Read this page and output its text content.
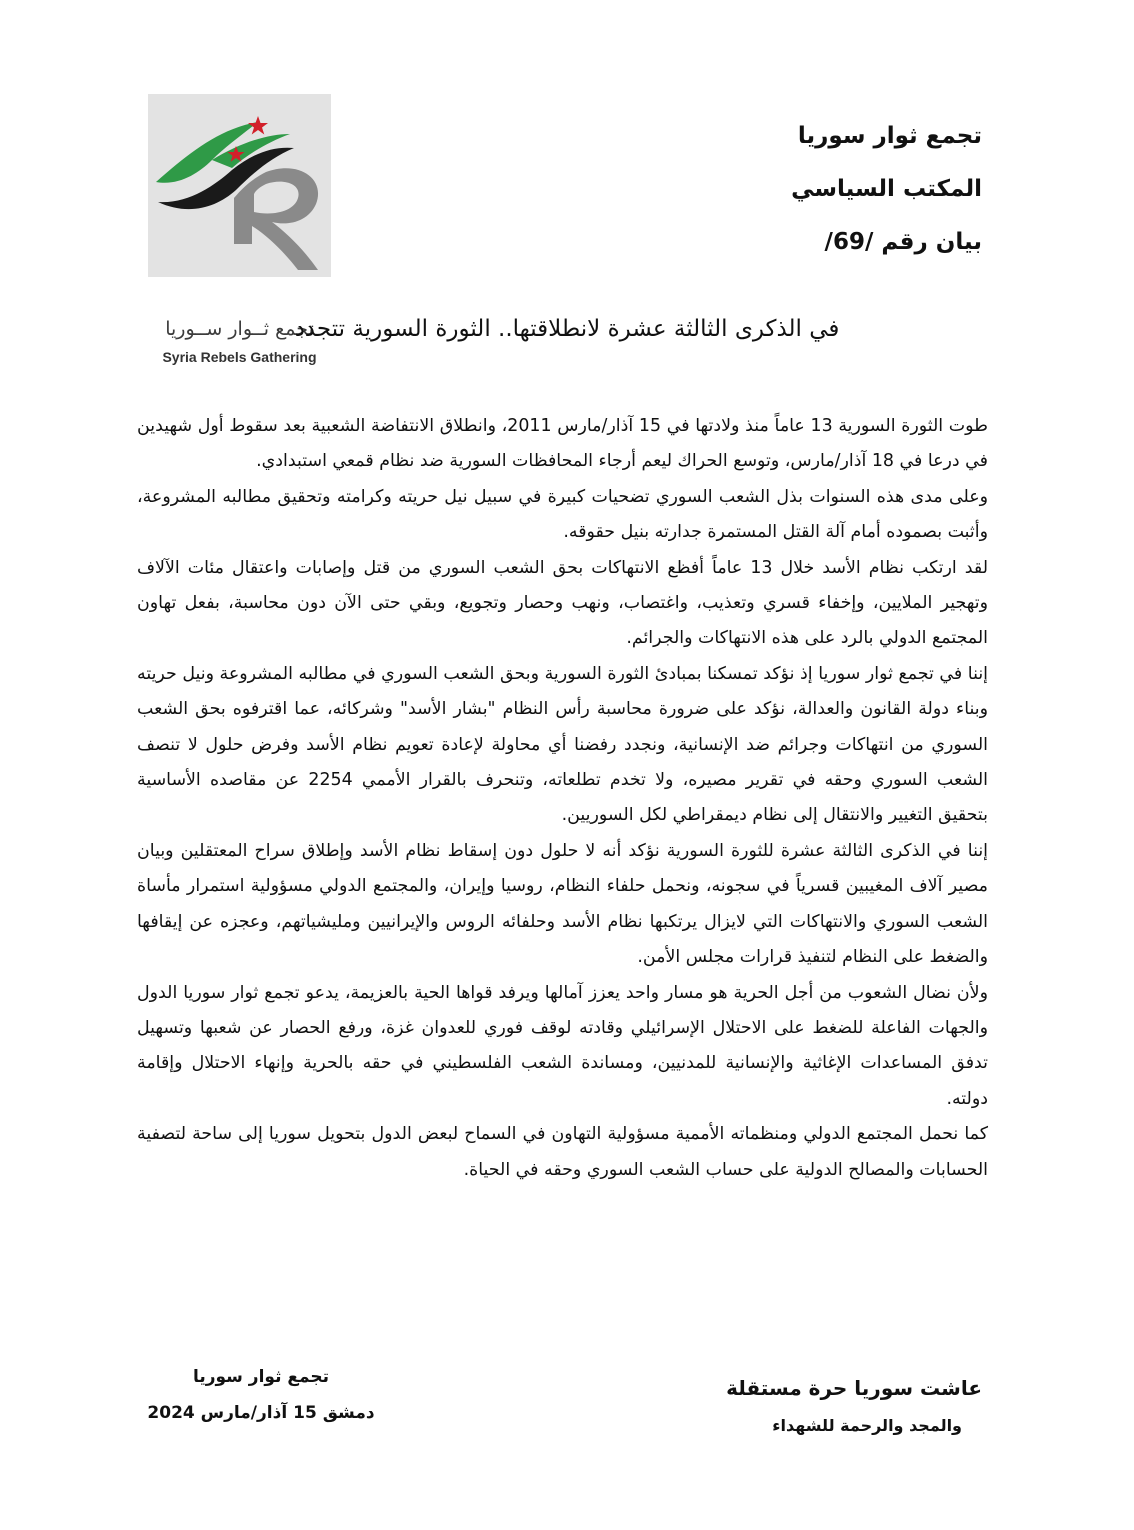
تجمع ثــوار ســوريا
Syria Rebels Gathering
تجمع ثوار سوريا
المكتب السياسي
بيان رقم /69/
في الذكرى الثالثة عشرة لانطلاقتها.. الثورة السورية تتجدد

طوت الثورة السورية 13 عاماً منذ ولادتها في 15 آذار/مارس 2011، وانطلاق الانتفاضة الشعبية بعد سقوط أول شهيدين في درعا في 18 آذار/مارس، وتوسع الحراك ليعم أرجاء المحافظات السورية ضد نظام قمعي استبدادي.

وعلى مدى هذه السنوات بذل الشعب السوري تضحيات كبيرة في سبيل نيل حريته وكرامته وتحقيق مطالبه المشروعة، وأثبت بصموده أمام آلة القتل المستمرة جدارته بنيل حقوقه.

لقد ارتكب نظام الأسد خلال 13 عاماً أفظع الانتهاكات بحق الشعب السوري من قتل وإصابات واعتقال مئات الآلاف وتهجير الملايين، وإخفاء قسري وتعذيب، واغتصاب، ونهب وحصار وتجويع، وبقي حتى الآن دون محاسبة، بفعل تهاون المجتمع الدولي بالرد على هذه الانتهاكات والجرائم.

إننا في تجمع ثوار سوريا إذ نؤكد تمسكنا بمبادئ الثورة السورية وبحق الشعب السوري في مطالبه المشروعة ونيل حريته وبناء دولة القانون والعدالة، نؤكد على ضرورة محاسبة رأس النظام "بشار الأسد" وشركائه، عما اقترفوه بحق الشعب السوري من انتهاكات وجرائم ضد الإنسانية، ونجدد رفضنا أي محاولة لإعادة تعويم نظام الأسد وفرض حلول لا تنصف الشعب السوري وحقه في تقرير مصيره، ولا تخدم تطلعاته، وتنحرف بالقرار الأممي 2254 عن مقاصده الأساسية بتحقيق التغيير والانتقال إلى نظام ديمقراطي لكل السوريين.

إننا في الذكرى الثالثة عشرة للثورة السورية نؤكد أنه لا حلول دون إسقاط نظام الأسد وإطلاق سراح المعتقلين وبيان مصير آلاف المغيبين قسرياً في سجونه، ونحمل حلفاء النظام، روسيا وإيران، والمجتمع الدولي مسؤولية استمرار مأساة الشعب السوري والانتهاكات التي لايزال يرتكبها نظام الأسد وحلفائه الروس والإيرانيين ومليشياتهم، وعجزه عن إيقافها والضغط على النظام لتنفيذ قرارات مجلس الأمن.

ولأن نضال الشعوب من أجل الحرية هو مسار واحد يعزز آمالها ويرفد قواها الحية بالعزيمة، يدعو تجمع ثوار سوريا الدول والجهات الفاعلة للضغط على الاحتلال الإسرائيلي وقادته لوقف فوري للعدوان غزة، ورفع الحصار عن شعبها وتسهيل تدفق المساعدات الإغاثية والإنسانية للمدنيين، ومساندة الشعب الفلسطيني في حقه بالحرية وإنهاء الاحتلال وإقامة دولته.

كما نحمل المجتمع الدولي ومنظماته الأممية مسؤولية التهاون في السماح لبعض الدول بتحويل سوريا إلى ساحة لتصفية الحسابات والمصالح الدولية على حساب الشعب السوري وحقه في الحياة.

عاشت سوريا حرة مستقلة
والمجد والرحمة للشهداء
تجمع ثوار سوريا
دمشق 15 آذار/مارس 2024
